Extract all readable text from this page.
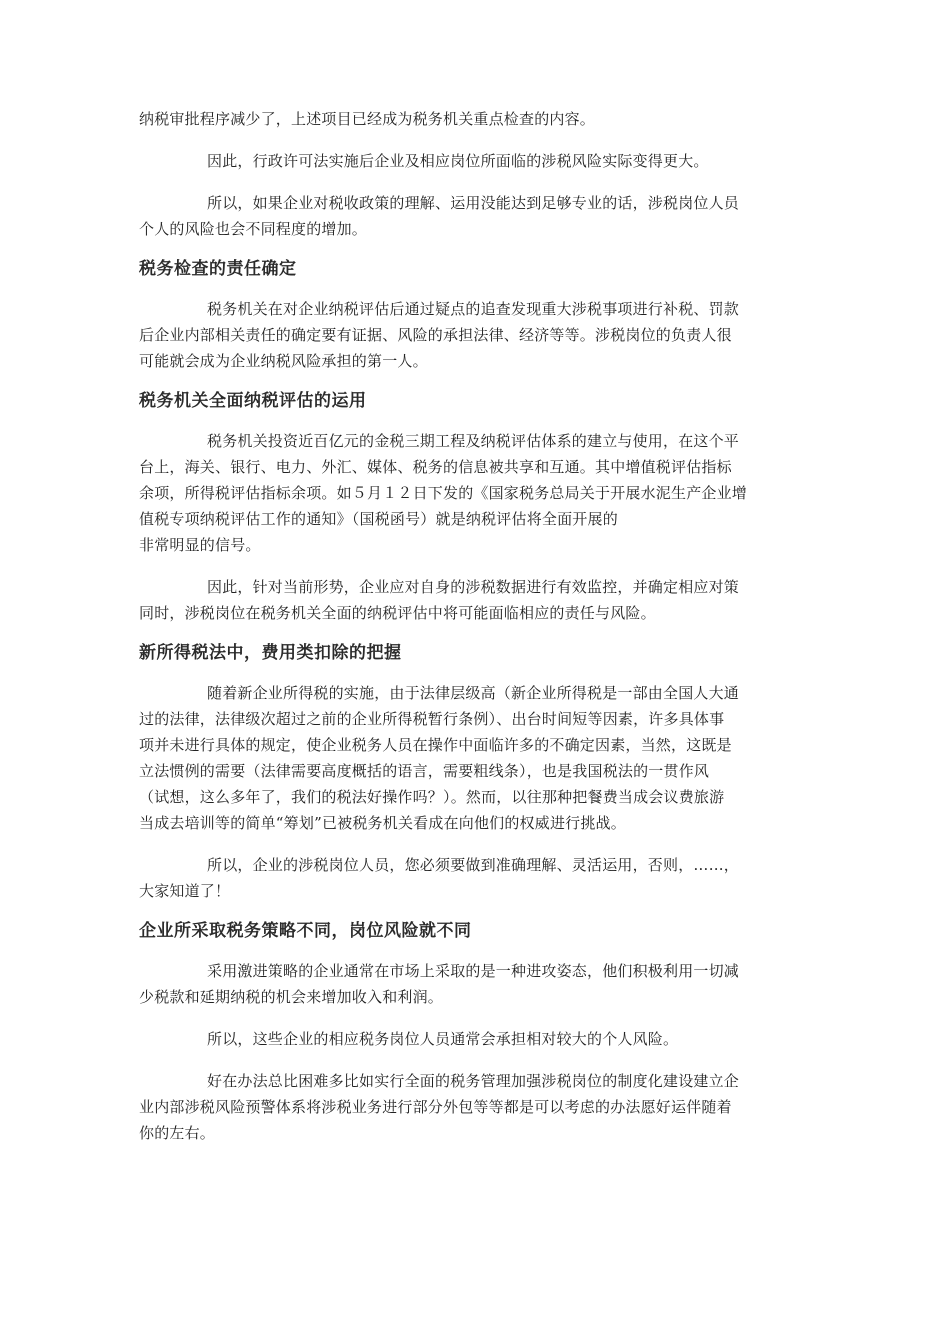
纳税审批程序减少了，上述项目已经成为税务机关重点检查的内容。

因此，行政许可法实施后企业及相应岗位所面临的涉税风险实际变得更大。

所以，如果企业对税收政策的理解、运用没能达到足够专业的话，涉税岗位人员

个人的风险也会不同程度的增加。

税务检查的责任确定

税务机关在对企业纳税评估后通过疑点的追查发现重大涉税事项进行补税、罚款

后企业内部相关责任的确定要有证据、风险的承担法律、经济等等。涉税岗位的负责人很
可能就会成为企业纳税风险承担的第一人。

税务机关全面纳税评估的运用

税务机关投资近百亿元的金税三期工程及纳税评估体系的建立与使用，在这个平

台上，海关、银行、电力、外汇、媒体、税务的信息被共享和互通。其中增值税评估指标
余项，所得税评估指标余项。如５月１２日下发的《国家税务总局关于开展水泥生产企业增
值税专项纳税评估工作的通知》（国税函号）就是纳税评估将全面开展的
非常明显的信号。

因此，针对当前形势，企业应对自身的涉税数据进行有效监控，并确定相应对策

同时，涉税岗位在税务机关全面的纳税评估中将可能面临相应的责任与风险。

新所得税法中，费用类扣除的把握

随着新企业所得税的实施，由于法律层级高（新企业所得税是一部由全国人大通

过的法律，法律级次超过之前的企业所得税暂行条例）、出台时间短等因素，许多具体事
项并未进行具体的规定，使企业税务人员在操作中面临许多的不确定因素，当然，这既是
立法惯例的需要（法律需要高度概括的语言，需要粗线条），也是我国税法的一贯作风
（试想，这么多年了，我们的税法好操作吗？）。然而，以往那种把餐费当成会议费旅游
当成去培训等的简单“筹划”已被税务机关看成在向他们的权威进行挑战。

所以，企业的涉税岗位人员，您必须要做到准确理解、灵活运用，否则，……，

大家知道了！

企业所采取税务策略不同，岗位风险就不同

采用激进策略的企业通常在市场上采取的是一种进攻姿态，他们积极利用一切减

少税款和延期纳税的机会来增加收入和利润。

所以，这些企业的相应税务岗位人员通常会承担相对较大的个人风险。

好在办法总比困难多比如实行全面的税务管理加强涉税岗位的制度化建设建立企

业内部涉税风险预警体系将涉税业务进行部分外包等等都是可以考虑的办法愿好运伴随着
你的左右。
